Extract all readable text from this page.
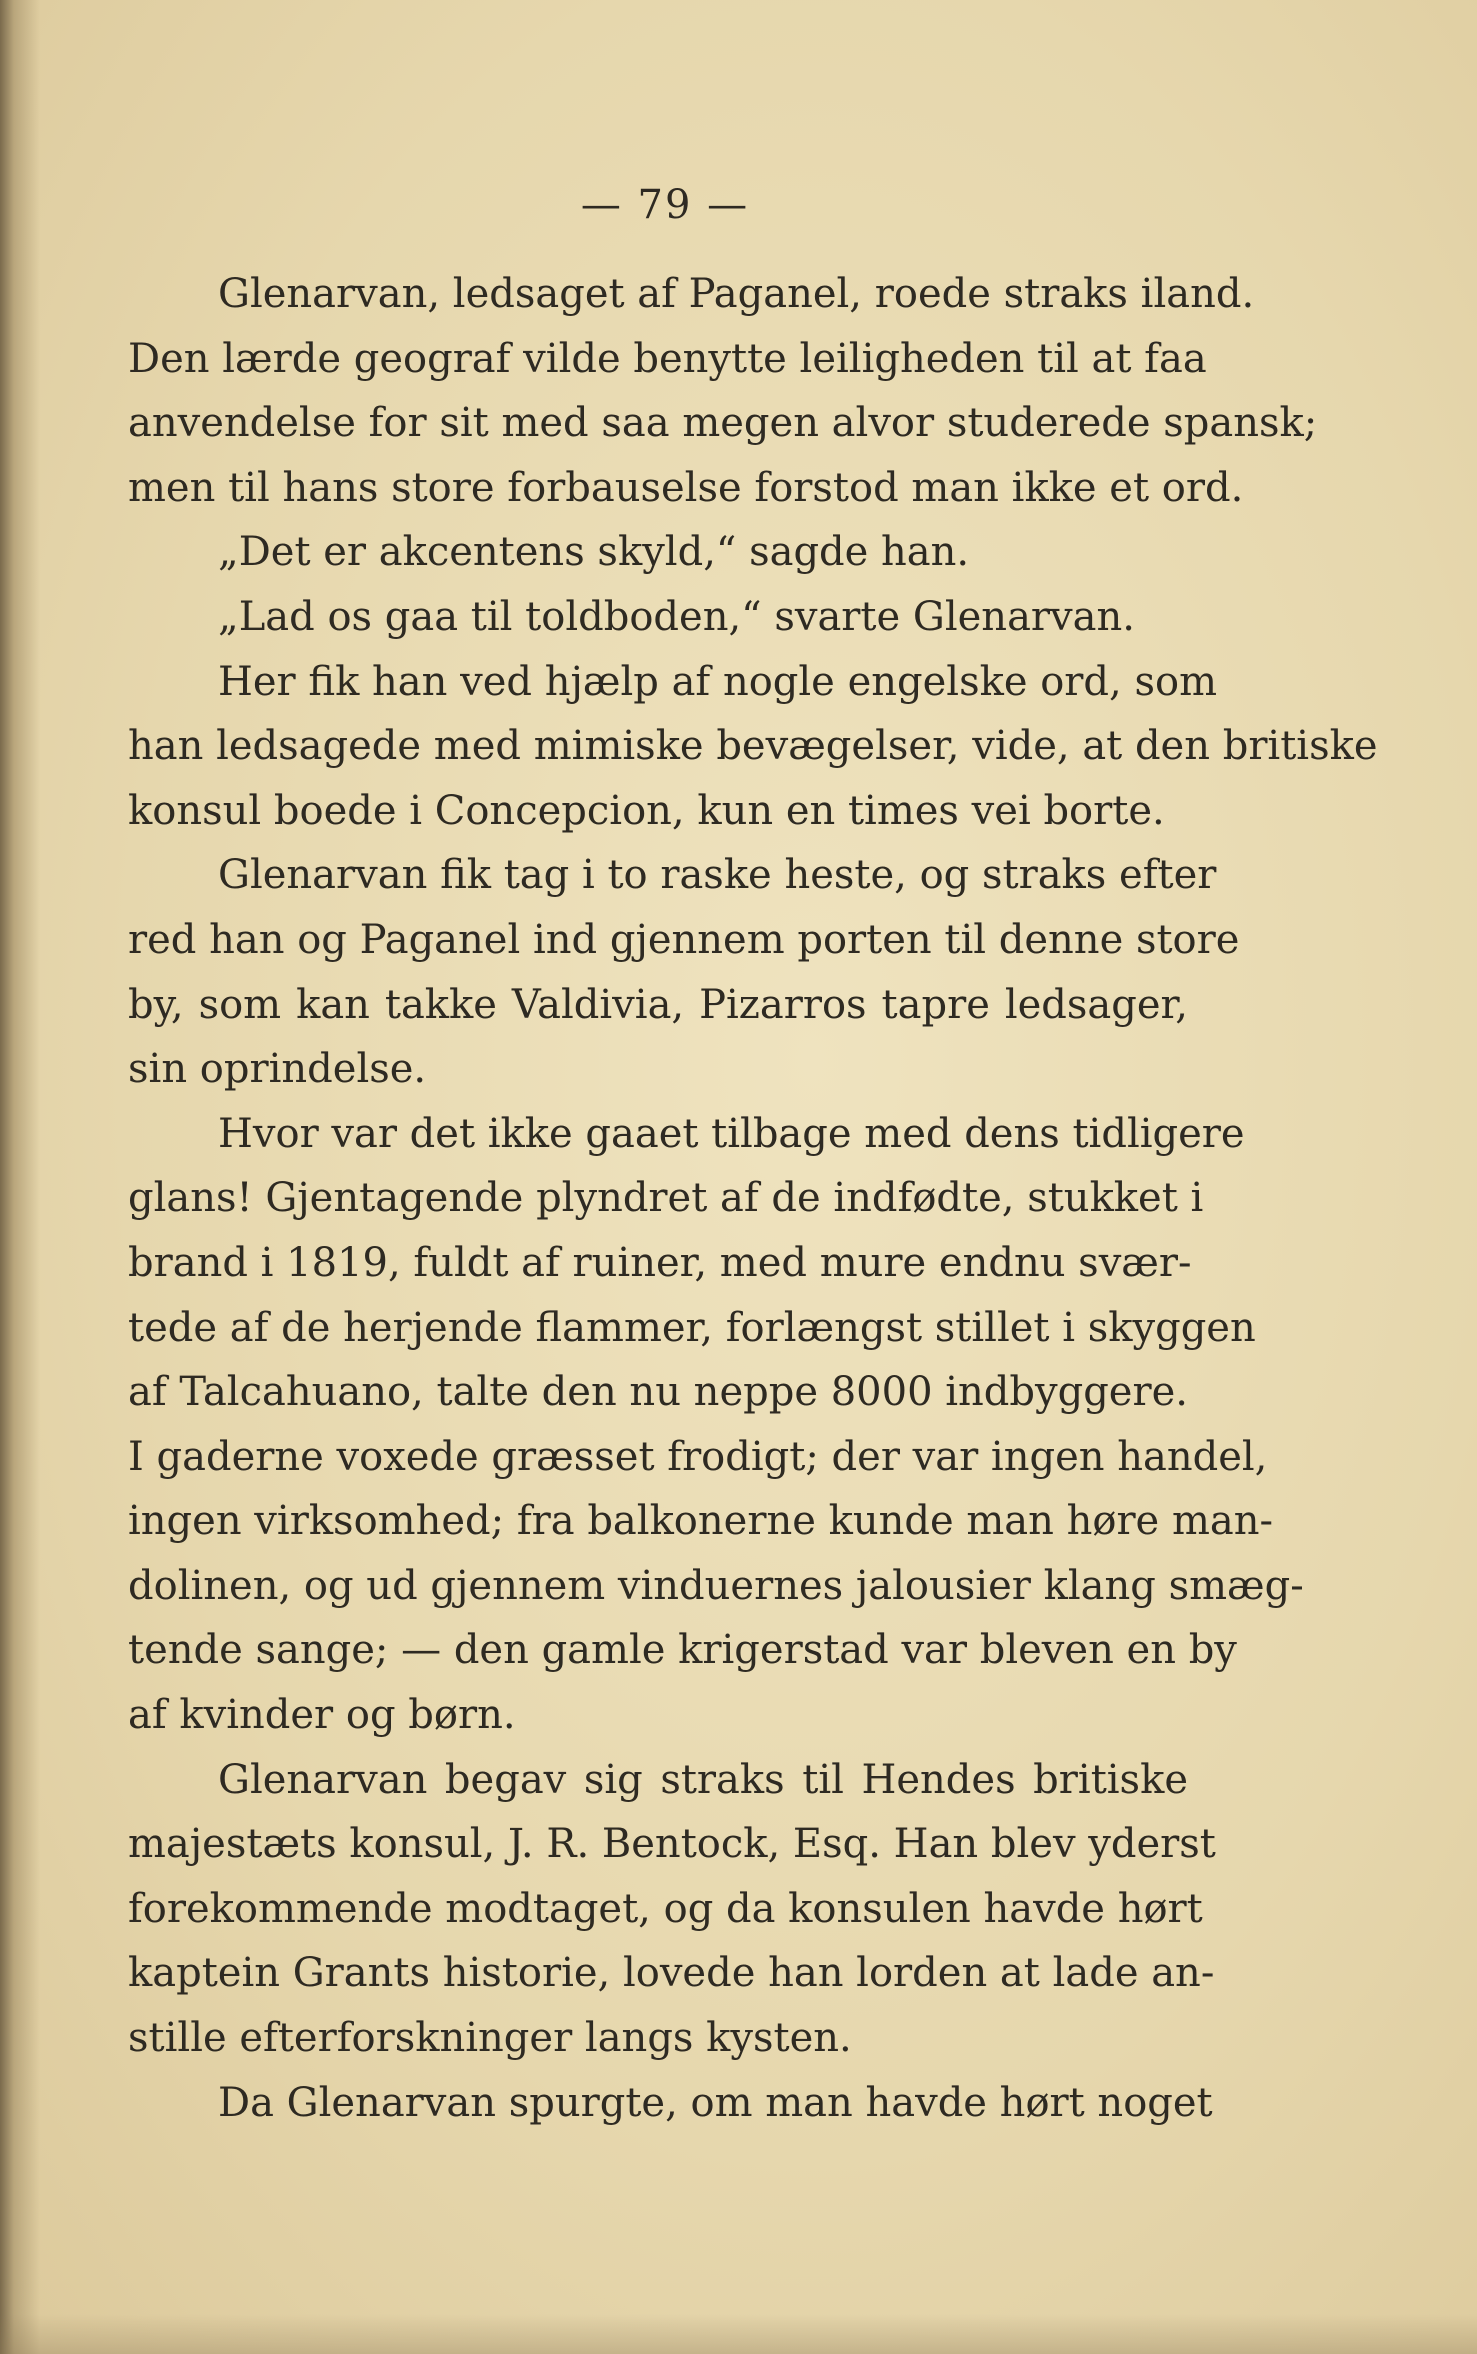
— 79 —
Glenarvan, ledsaget af Paganel, roede straks iland.
Den lærde geograf vilde benytte leiligheden til at faa
anvendelse for sit med saa megen alvor studerede spansk;
men til hans store forbauselse forstod man ikke et ord.
„Det er akcentens skyld,“ sagde han.
„Lad os gaa til toldboden,“ svarte Glenarvan.
Her fik han ved hjælp af nogle engelske ord, som
han ledsagede med mimiske bevægelser, vide, at den britiske
konsul boede i Concepcion, kun en times vei borte.
Glenarvan fik tag i to raske heste, og straks efter
red han og Paganel ind gjennem porten til denne store
by, som kan takke Valdivia, Pizarros tapre ledsager,
sin oprindelse.
Hvor var det ikke gaaet tilbage med dens tidligere
glans! Gjentagende plyndret af de indfødte, stukket i
brand i 1819, fuldt af ruiner, med mure endnu svær-
tede af de herjende flammer, forlængst stillet i skyggen
af Talcahuano, talte den nu neppe 8000 indbyggere.
I gaderne voxede græsset frodigt; der var ingen handel,
ingen virksomhed; fra balkonerne kunde man høre man-
dolinen, og ud gjennem vinduernes jalousier klang smæg-
tende sange; — den gamle krigerstad var bleven en by
af kvinder og børn.
Glenarvan begav sig straks til Hendes britiske
majestæts konsul, J. R. Bentock, Esq. Han blev yderst
forekommende modtaget, og da konsulen havde hørt
kaptein Grants historie, lovede han lorden at lade an-
stille efterforskninger langs kysten.
Da Glenarvan spurgte, om man havde hørt noget
